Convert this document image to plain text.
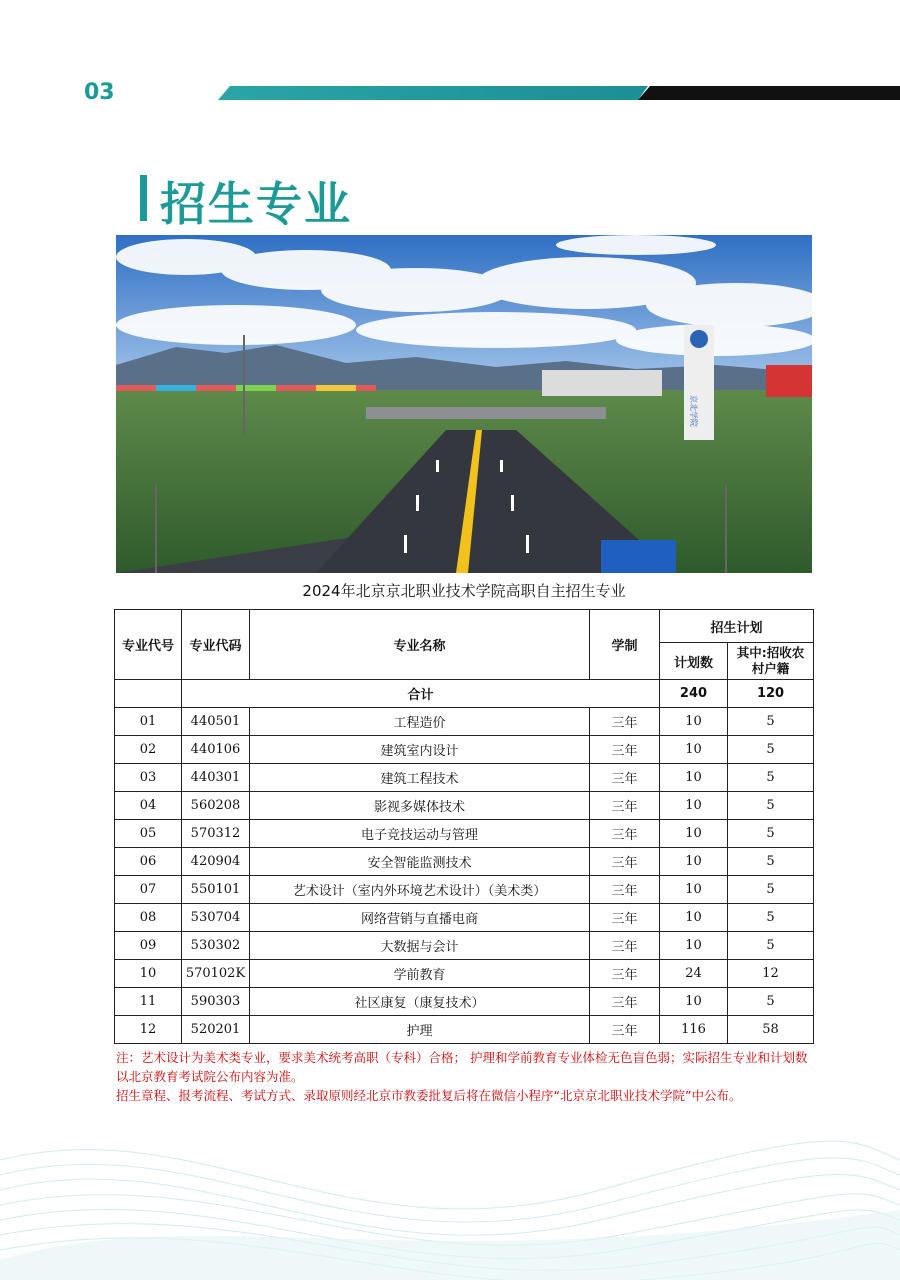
03
招生专业
京北学院
2024年北京京北职业技术学院高职自主招生专业
专业代号	专业代码	专业名称	学制	招生计划	
				计划数	其中:招收农村户籍
	合计			240	120
01	440501	工程造价	三年	10	5
02	440106	建筑室内设计	三年	10	5
03	440301	建筑工程技术	三年	10	5
04	560208	影视多媒体技术	三年	10	5
05	570312	电子竞技运动与管理	三年	10	5
06	420904	安全智能监测技术	三年	10	5
07	550101	艺术设计（室内外环境艺术设计）（美术类）	三年	10	5
08	530704	网络营销与直播电商	三年	10	5
09	530302	大数据与会计	三年	10	5
10	570102K	学前教育	三年	24	12
11	590303	社区康复（康复技术）	三年	10	5
12	520201	护理	三年	116	58

注：艺术设计为美术类专业，要求美术统考高职（专科）合格； 护理和学前教育专业体检无色盲色弱；实际招生专业和计划数以北京教育考试院公布内容为准。

招生章程、报考流程、考试方式、录取原则经北京市教委批复后将在微信小程序“北京京北职业技术学院”中公布。
